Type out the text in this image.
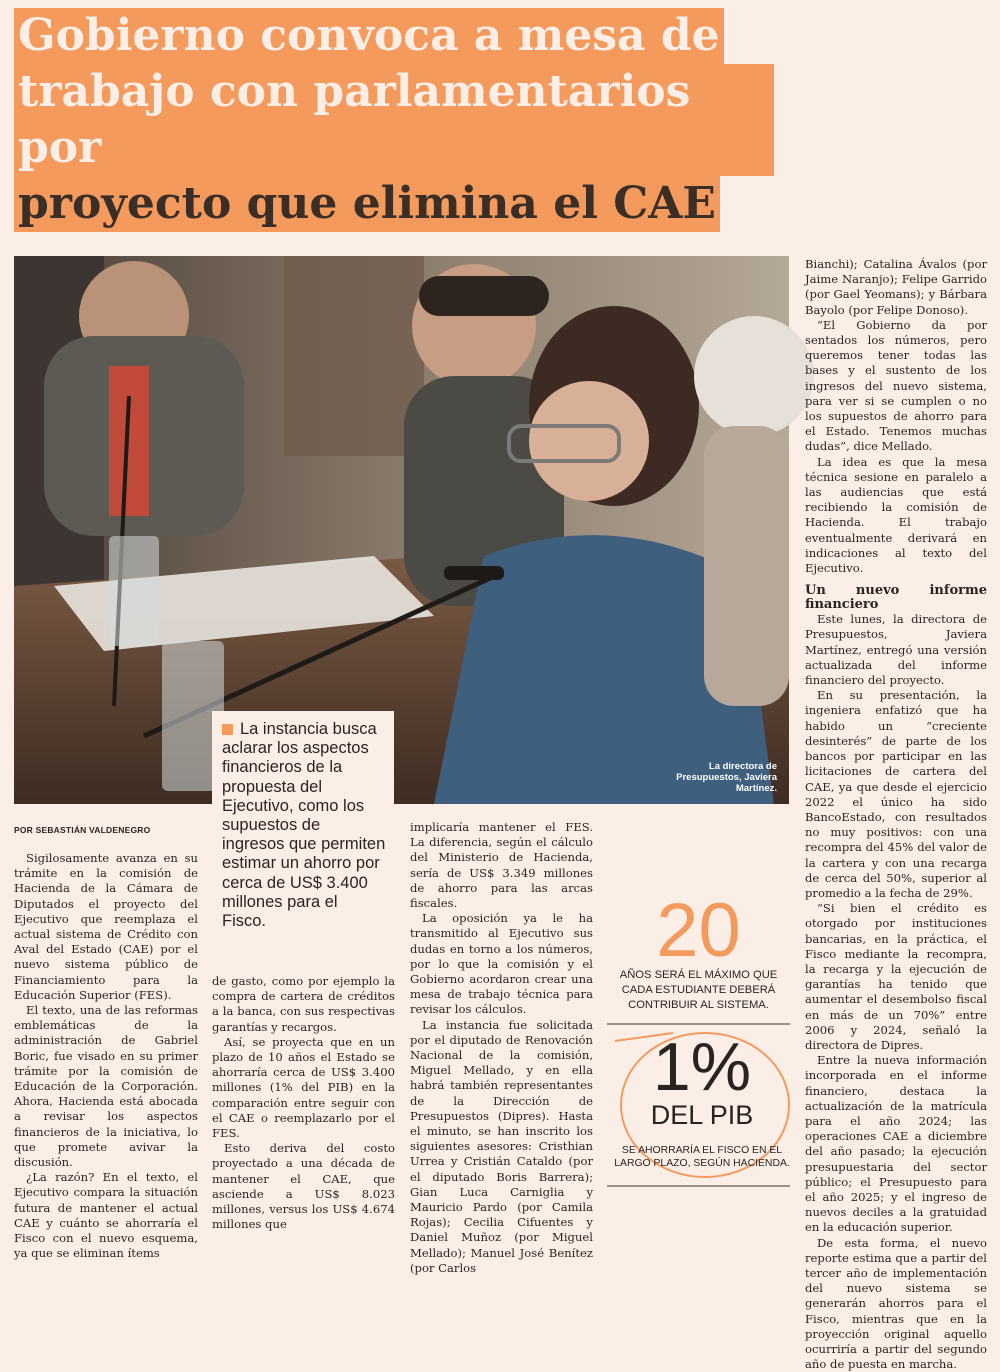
Gobierno convoca a mesa de
trabajo con parlamentarios por
proyecto que elimina el CAE
La directora de Presupuestos, Javiera Martínez.
La instancia busca aclarar los aspectos financieros de la propuesta del Ejecutivo, como los supuestos de ingresos que permiten estimar un ahorro por cerca de US$ 3.400 millones para el Fisco.
POR SEBASTIÁN VALDENEGRO

Sigilosamente avanza en su trámite en la comisión de Hacienda de la Cámara de Diputados el proyecto del Ejecutivo que reemplaza el actual sistema de Crédito con Aval del Estado (CAE) por el nuevo sistema público de Financiamiento para la Educación Superior (FES).

El texto, una de las reformas emblemáticas de la administración de Gabriel Boric, fue visado en su primer trámite por la comisión de Educación de la Corporación. Ahora, Hacienda está abocada a revisar los aspectos financieros de la iniciativa, lo que promete avivar la discusión.

¿La razón? En el texto, el Ejecutivo compara la situación futura de mantener el actual CAE y cuánto se ahorraría el Fisco con el nuevo esquema, ya que se eliminan ítems

de gasto, como por ejemplo la compra de cartera de créditos a la banca, con sus respectivas garantías y recargos.

Así, se proyecta que en un plazo de 10 años el Estado se ahorraría cerca de US$ 3.400 millones (1% del PIB) en la comparación entre seguir con el CAE o reemplazarlo por el FES.

Esto deriva del costo proyectado a una década de mantener el CAE, que asciende a US$ 8.023 millones, versus los US$ 4.674 millones que

implicaría mantener el FES. La diferencia, según el cálculo del Ministerio de Hacienda, sería de US$ 3.349 millones de ahorro para las arcas fiscales.

La oposición ya le ha transmitido al Ejecutivo sus dudas en torno a los números, por lo que la comisión y el Gobierno acordaron crear una mesa de trabajo técnica para revisar los cálculos.

La instancia fue solicitada por el diputado de Renovación Nacional de la comisión, Miguel Mellado, y en ella habrá también representantes de la Dirección de Presupuestos (Dipres). Hasta el minuto, se han inscrito los siguientes asesores: Cristhian Urrea y Cristián Cataldo (por el diputado Boris Barrera); Gian Luca Carniglia y Mauricio Pardo (por Camila Rojas); Cecilia Cifuentes y Daniel Muñoz (por Miguel Mellado); Manuel José Benítez (por Carlos

Bianchi); Catalina Ávalos (por Jaime Naranjo); Felipe Garrido (por Gael Yeomans); y Bárbara Bayolo (por Felipe Donoso).

“El Gobierno da por sentados los números, pero queremos tener todas las bases y el sustento de los ingresos del nuevo sistema, para ver si se cumplen o no los supuestos de ahorro para el Estado. Tenemos muchas dudas”, dice Mellado.

La idea es que la mesa técnica sesione en paralelo a las audiencias que está recibiendo la comisión de Hacienda. El trabajo eventualmente derivará en indicaciones al texto del Ejecutivo.

Un nuevo informe financiero

Este lunes, la directora de Presupuestos, Javiera Martínez, entregó una versión actualizada del informe financiero del proyecto.

En su presentación, la ingeniera enfatizó que ha habido un “creciente desinterés” de parte de los bancos por participar en las licitaciones de cartera del CAE, ya que desde el ejercicio 2022 el único ha sido BancoEstado, con resultados no muy positivos: con una recompra del 45% del valor de la cartera y con una recarga de cerca del 50%, superior al promedio a la fecha de 29%.

“Si bien el crédito es otorgado por instituciones bancarias, en la práctica, el Fisco mediante la recompra, la recarga y la ejecución de garantías ha tenido que aumentar el desembolso fiscal en más de un 70%” entre 2006 y 2024, señaló la directora de Dipres.

Entre la nueva información incorporada en el informe financiero, destaca la actualización de la matrícula para el año 2024; las operaciones CAE a diciembre del año pasado; la ejecución presupuestaria del sector público; el Presupuesto para el año 2025; y el ingreso de nuevos deciles a la gratuidad en la educación superior.

De esta forma, el nuevo reporte estima que a partir del tercer año de implementación del nuevo sistema se generarán ahorros para el Fisco, mientras que en la proyección original aquello ocurriría a partir del segundo año de puesta en marcha.

20
AÑOS SERÁ EL MÁXIMO QUE CADA ESTUDIANTE DEBERÁ CONTRIBUIR AL SISTEMA.
1%
DEL PIB
SE AHORRARÍA EL FISCO EN EL LARGO PLAZO, SEGÚN HACIENDA.
